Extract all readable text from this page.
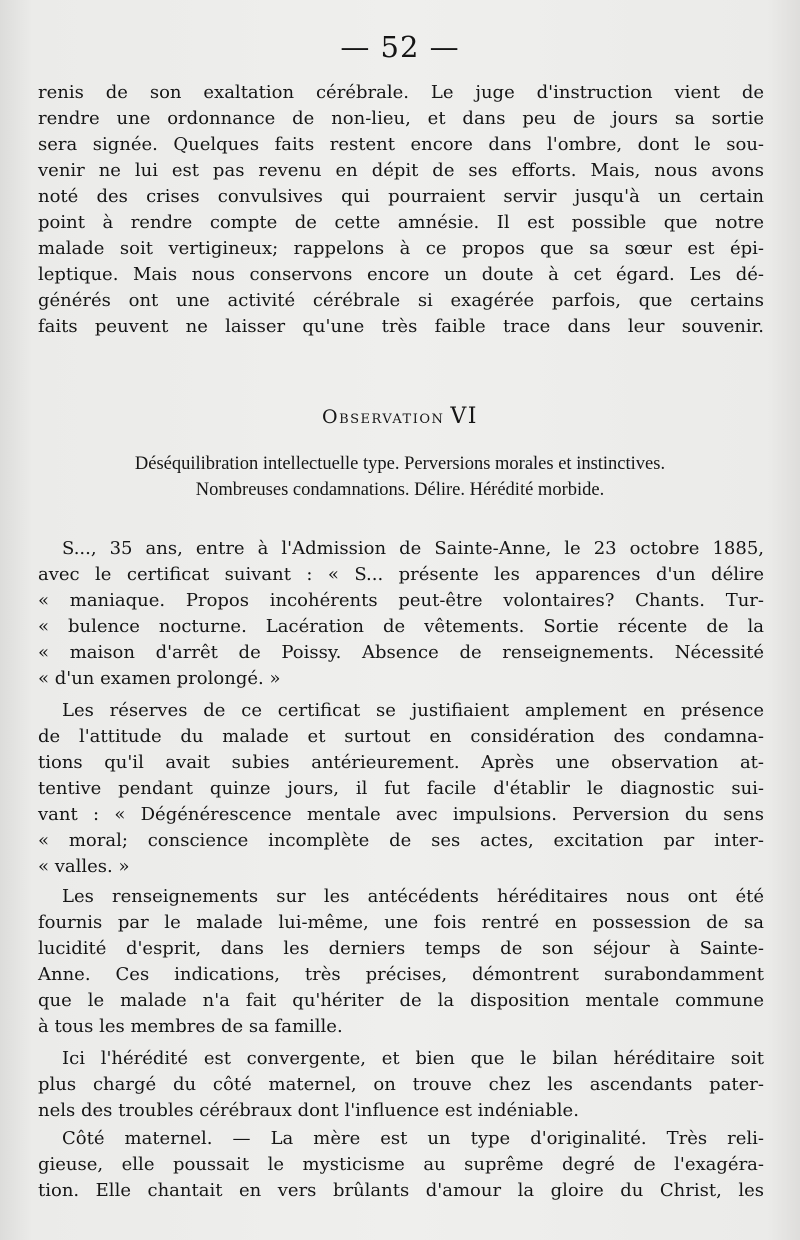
— 52 —
renis de son exaltation cérébrale. Le juge d'instruction vient de
rendre une ordonnance de non-lieu, et dans peu de jours sa sortie
sera signée. Quelques faits restent encore dans l'ombre, dont le sou-
venir ne lui est pas revenu en dépit de ses efforts. Mais, nous avons
noté des crises convulsives qui pourraient servir jusqu'à un certain
point à rendre compte de cette amnésie. Il est possible que notre
malade soit vertigineux; rappelons à ce propos que sa sœur est épi-
leptique. Mais nous conservons encore un doute à cet égard. Les dé-
générés ont une activité cérébrale si exagérée parfois, que certains
faits peuvent ne laisser qu'une très faible trace dans leur souvenir.
Observation VI
Déséquilibration intellectuelle type. Perversions morales et instinctives.
Nombreuses condamnations. Délire. Hérédité morbide.
S..., 35 ans, entre à l'Admission de Sainte-Anne, le 23 octobre 1885,
avec le certificat suivant : « S... présente les apparences d'un délire
« maniaque. Propos incohérents peut-être volontaires? Chants. Tur-
« bulence nocturne. Lacération de vêtements. Sortie récente de la
« maison d'arrêt de Poissy. Absence de renseignements. Nécessité
« d'un examen prolongé. »
Les réserves de ce certificat se justifiaient amplement en présence
de l'attitude du malade et surtout en considération des condamna-
tions qu'il avait subies antérieurement. Après une observation at-
tentive pendant quinze jours, il fut facile d'établir le diagnostic sui-
vant : « Dégénérescence mentale avec impulsions. Perversion du sens
« moral; conscience incomplète de ses actes, excitation par inter-
« valles. »
Les renseignements sur les antécédents héréditaires nous ont été
fournis par le malade lui-même, une fois rentré en possession de sa
lucidité d'esprit, dans les derniers temps de son séjour à Sainte-
Anne. Ces indications, très précises, démontrent surabondamment
que le malade n'a fait qu'hériter de la disposition mentale commune
à tous les membres de sa famille.
Ici l'hérédité est convergente, et bien que le bilan héréditaire soit
plus chargé du côté maternel, on trouve chez les ascendants pater-
nels des troubles cérébraux dont l'influence est indéniable.
Côté maternel. — La mère est un type d'originalité. Très reli-
gieuse, elle poussait le mysticisme au suprême degré de l'exagéra-
tion. Elle chantait en vers brûlants d'amour la gloire du Christ, les
